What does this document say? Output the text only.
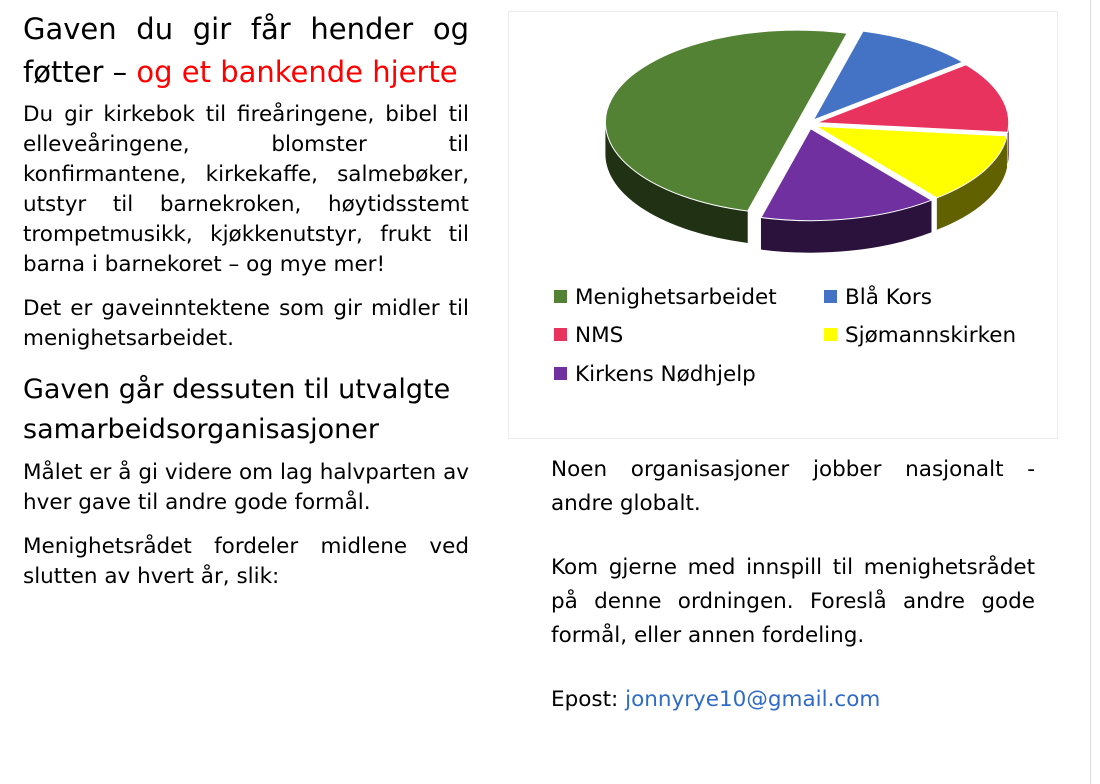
Gaven du gir får hender og føtter – og et bankende hjerte

Du gir kirkebok til fireåringene, bibel til elleveåringene, blomster til konfirmantene, kirkekaffe, salmebøker, utstyr til barnekroken, høytidsstemt trompetmusikk, kjøkkenutstyr, frukt til barna i barnekoret – og mye mer!

Det er gaveinntektene som gir midler til menighetsarbeidet.

Gaven går dessuten til utvalgte samarbeidsorganisasjoner

Målet er å gi videre om lag halvparten av hver gave til andre gode formål.

Menighetsrådet fordeler midlene ved slutten av hvert år, slik:

Menighetsarbeidet	Blå Kors
NMS	Sjømannskirken
Kirkens Nødhjelp

Noen organisasjoner jobber nasjonalt - andre globalt.

Kom gjerne med innspill til menighetsrådet på denne ordningen. Foreslå andre gode formål, eller annen fordeling.

Epost: jonnyrye10@gmail.com
